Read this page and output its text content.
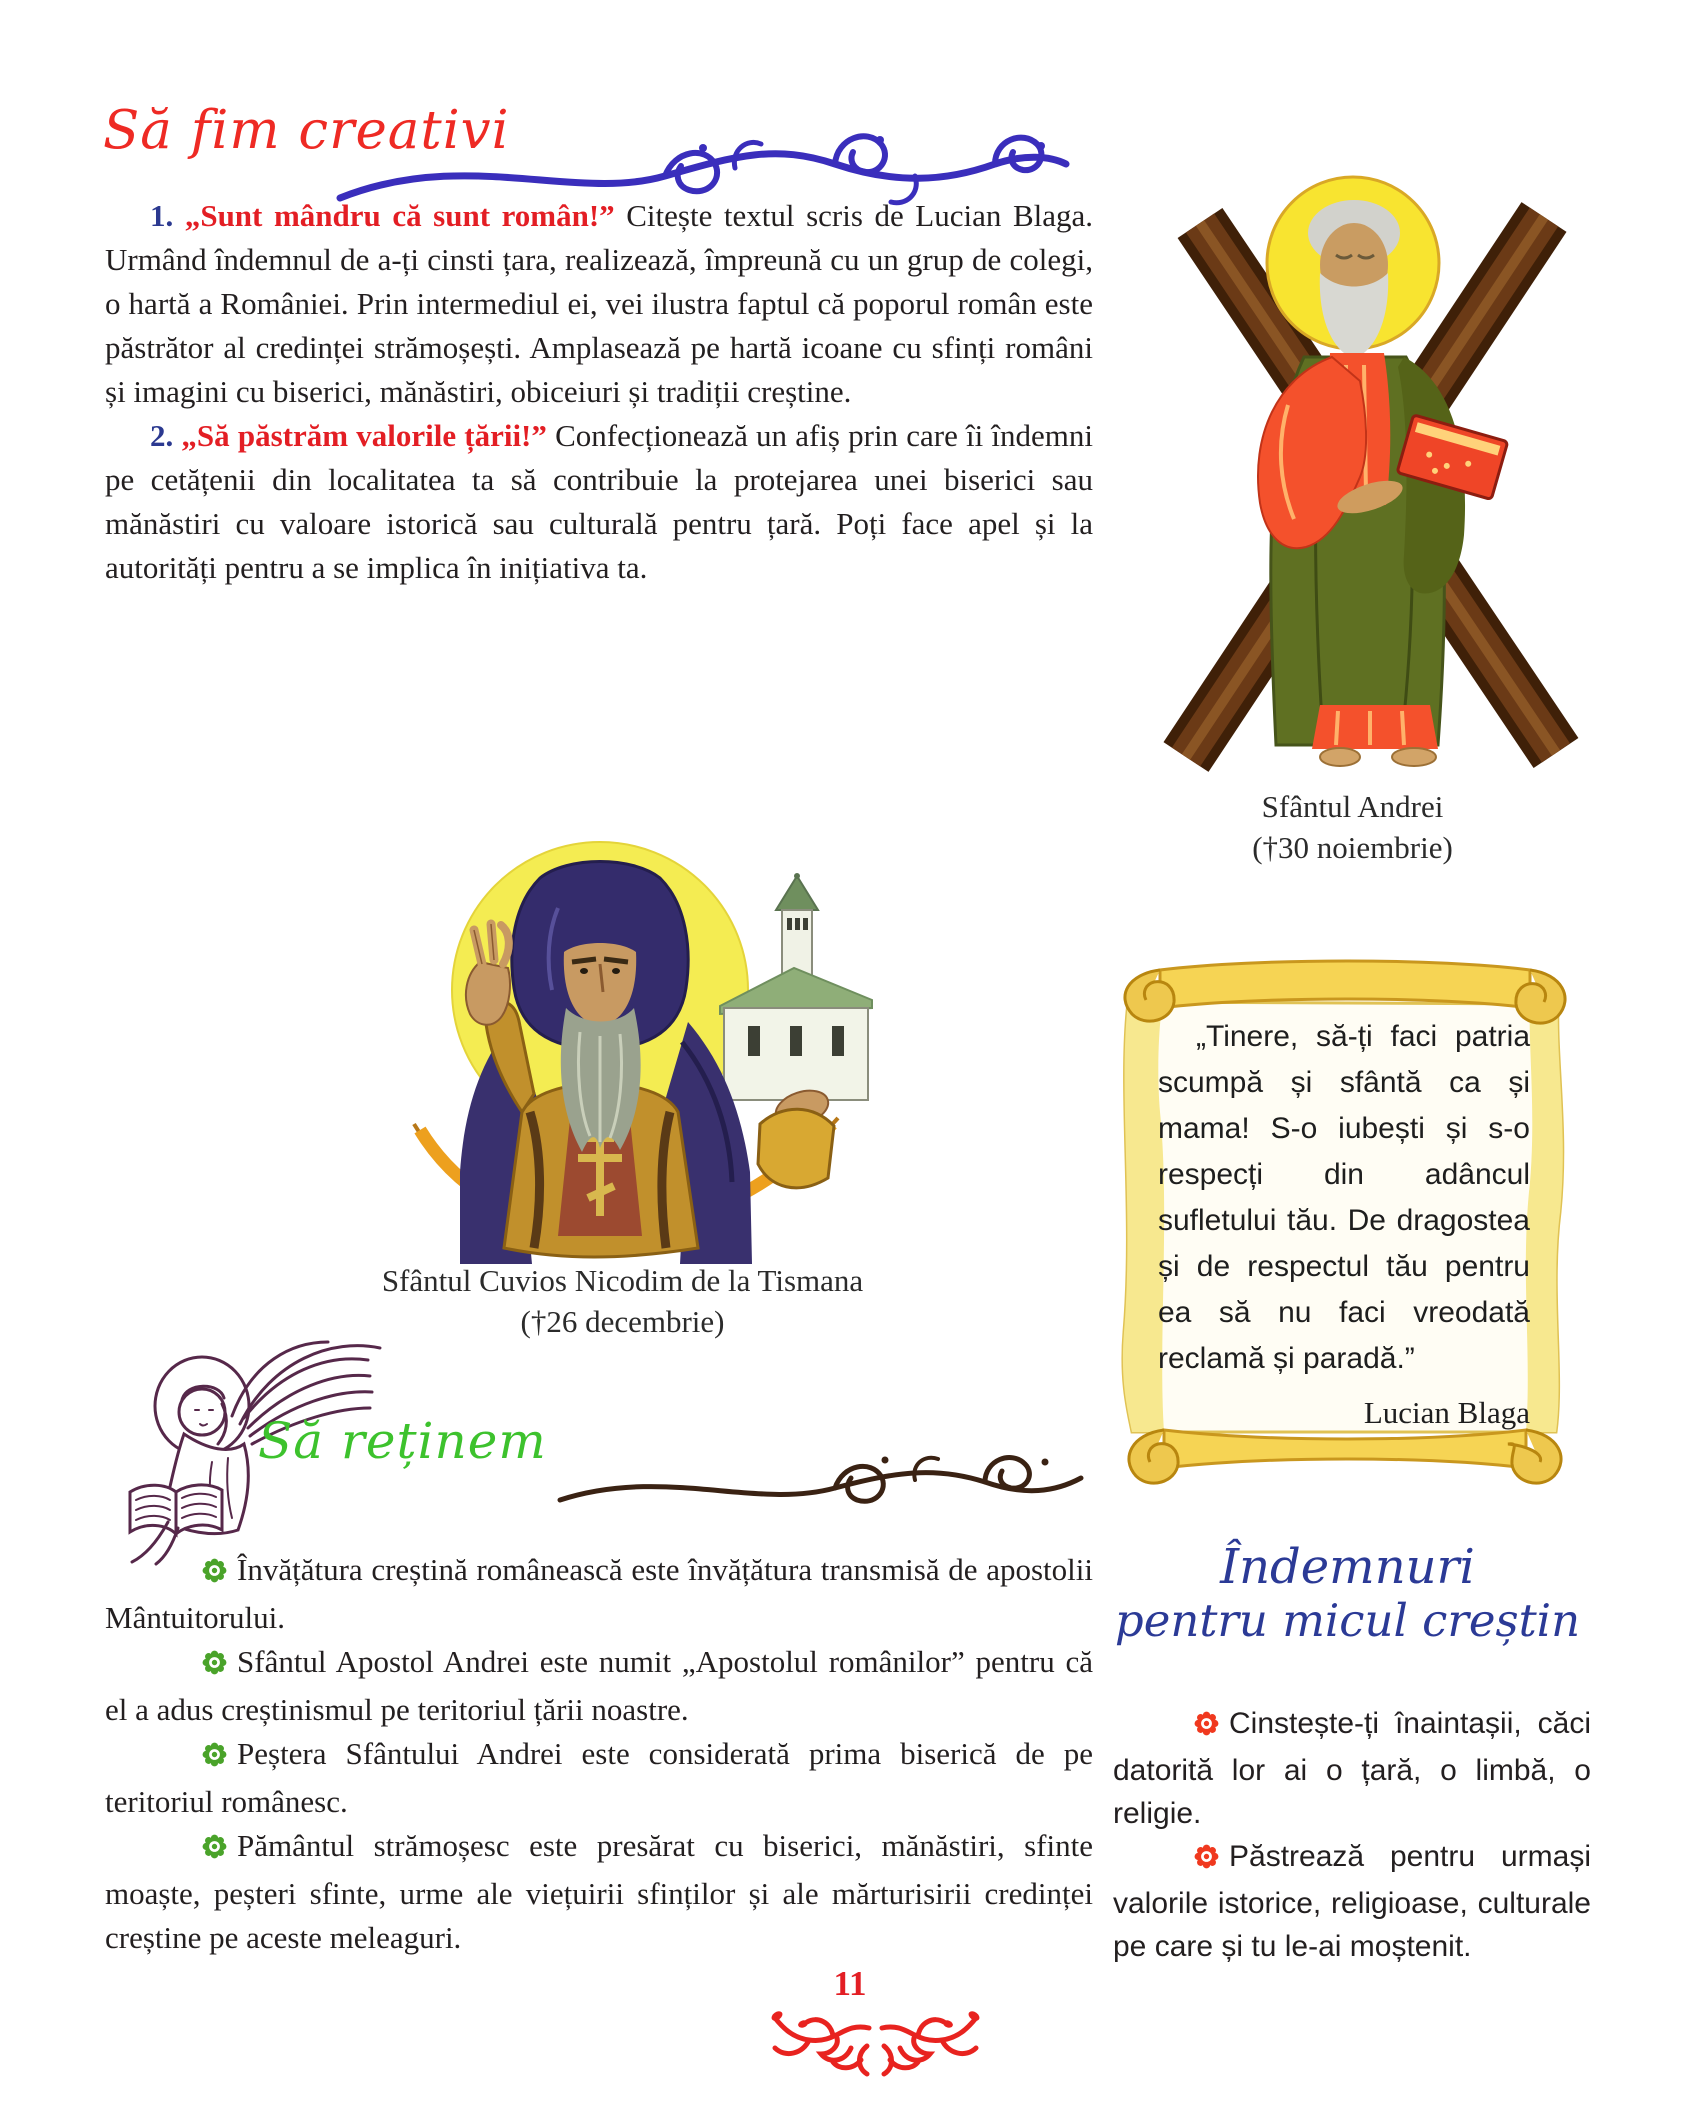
Să fim creativi

1. „Sunt mândru că sunt român!” Citește textul scris de Lucian Blaga. Urmând îndemnul de a-ți cinsti țara, realizează, împreună cu un grup de colegi, o hartă a României. Prin intermediul ei, vei ilustra faptul că poporul român este păstrător al credinței strămoșești. Amplasează pe hartă icoane cu sfinți români și imagini cu biserici, mănăstiri, obiceiuri și tradiții creștine.

2. „Să păstrăm valorile țării!” Confecționează un afiș prin care îi îndemni pe cetățenii din localitatea ta să contribuie la protejarea unei biserici sau mănăstiri cu valoare istorică sau culturală pentru țară. Poți face apel și la autorități pentru a se implica în inițiativa ta.

Sfântul Andrei
(†30 noiembrie)
Sfântul Cuvios Nicodim de la Tismana
(†26 decembrie)

„Tinere, să-ți faci patria scumpă și sfântă ca și mama! S-o iubești și s-o respecți din adâncul sufletului tău. De dragostea și de respectul tău pentru ea să nu faci vreodată reclamă și paradă.”

Lucian Blaga

Să reținem

Învățătura creștină românească este învățătura transmisă de apostolii Mântuitorului.

Sfântul Apostol Andrei este numit „Apostolul românilor” pentru că el a adus creștinismul pe teritoriul țării noastre.

Peștera Sfântului Andrei este considerată prima biserică de pe teritoriul românesc.

Pământul strămoșesc este presărat cu biserici, mănăstiri, sfinte moaște, peșteri sfinte, urme ale viețuirii sfinților și ale mărturisirii credinței creștine pe aceste meleaguri.

Îndemnuri
pentru micul creștin

Cinstește-ți înaintașii, căci datorită lor ai o țară, o limbă, o religie.

Păstrează pentru urmași valorile istorice, religioase, culturale pe care și tu le-ai moștenit.

11
